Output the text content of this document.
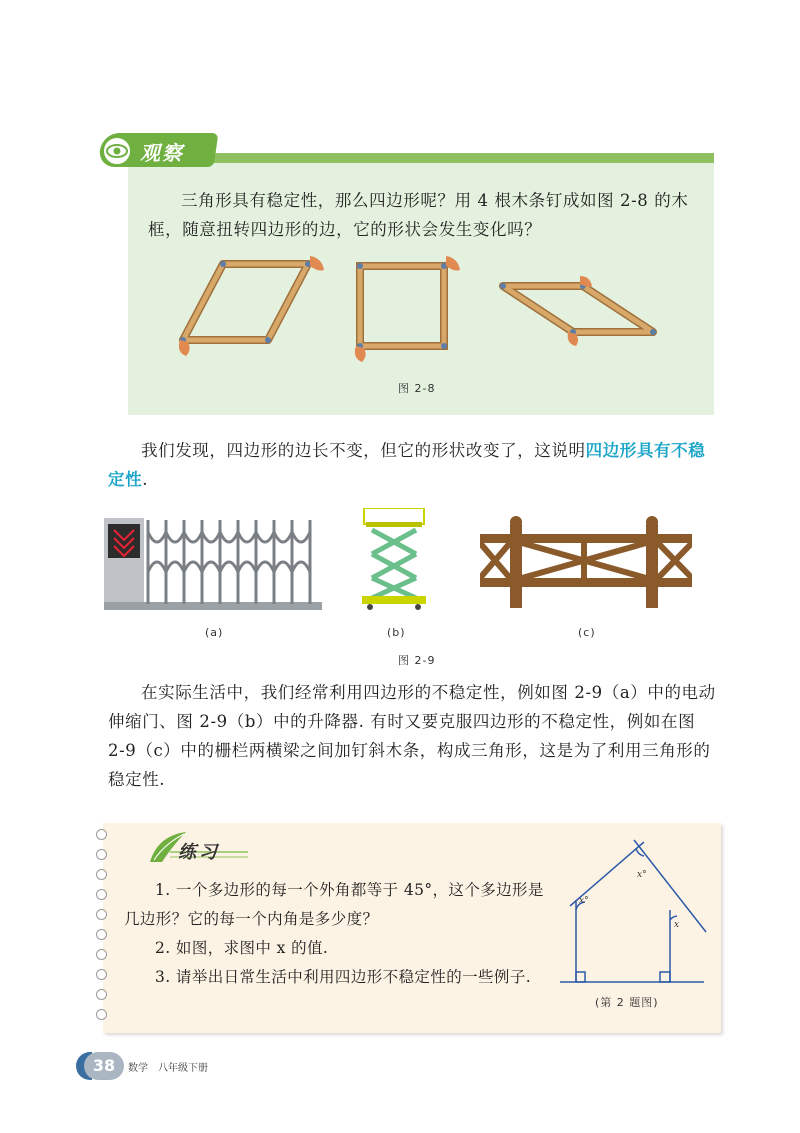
观察
三角形具有稳定性，那么四边形呢？用 4 根木条钉成如图 2-8 的木框，随意扭转四边形的边，它的形状会发生变化吗？
图 2-8
我们发现，四边形的边长不变，但它的形状改变了，这说明四边形具有不稳定性.
(a)	(b)	(c)
图 2-9
在实际生活中，我们经常利用四边形的不稳定性，例如图 2-9（a）中的电动伸缩门、图 2-9（b）中的升降器. 有时又要克服四边形的不稳定性，例如在图 2-9（c）中的栅栏两横梁之间加钉斜木条，构成三角形，这是为了利用三角形的稳定性.
练习
1. 一个多边形的每一个外角都等于 45°，这个多边形是几边形？它的每一个内角是多少度？
2. 如图，求图中 x 的值.
3. 请举出日常生活中利用四边形不稳定性的一些例子.
x°
x°
x
(第 2 题图)
38	数学 八年级下册
